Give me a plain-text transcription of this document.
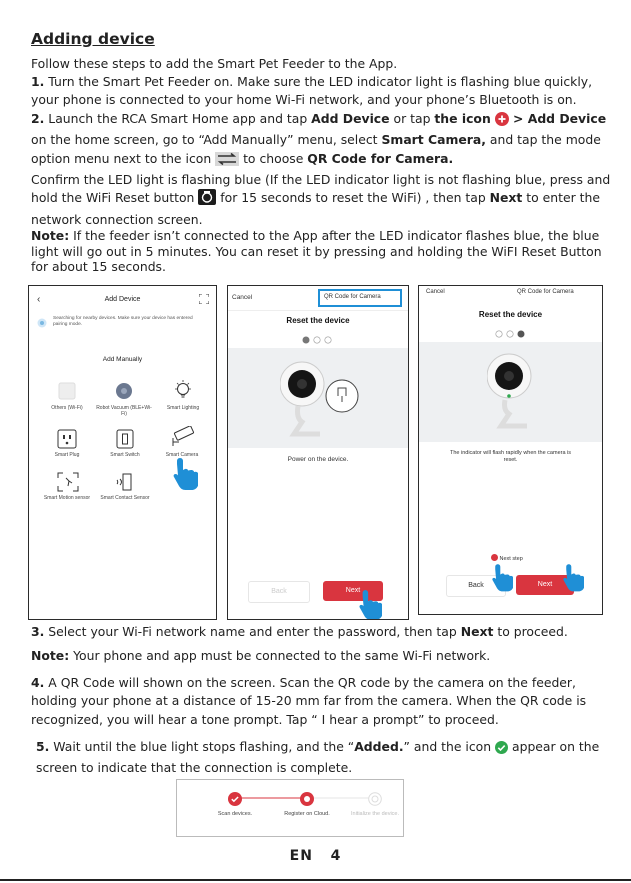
Adding device
Follow these steps to add the Smart Pet Feeder to the App.
1. Turn the Smart Pet Feeder on. Make sure the LED indicator light is flashing blue quickly, your phone is connected to your home Wi-Fi network, and your phone’s Bluetooth is on.
2. Launch the RCA Smart Home app and tap Add Device or tap the icon  > Add Device on the home screen, go to “Add Manually” menu, select Smart Camera, and tap the mode option menu next to the icon  to choose QR Code for Camera.
Confirm the LED light is flashing blue (If the LED indicator light is not flashing blue, press and hold the WiFi Reset button  for 15 seconds to reset the WiFi) , then tap Next to enter the network connection screen.
Note: If the feeder isn’t connected to the App after the LED indicator flashes blue, the blue light will go out in 5 minutes. You can reset it by pressing and holding the WiFI Reset Button for about 15 seconds.
‹	Add Device
Searching for nearby devices. Make sure your device has entered pairing mode.
Add Manually
Others (Wi-Fi)	Robot Vacuum (BLE+Wi-Fi)
Smart Lighting
Smart Plug	Smart Switch	Smart Camera
Smart Motion sensor	Smart Contact Sensor
Cancel	QR Code for Camera
Reset the device
Power on the device.
Back	Next
Cancel	QR Code for Camera
Reset the device
The indicator will flash rapidly when the camera is reset.
Next step
Back	Next
3. Select your Wi-Fi network name and enter the password, then tap Next to proceed.
Note: Your phone and app must be connected to the same Wi-Fi network.
4. A QR Code will shown on the screen. Scan the QR code by the camera on the feeder, holding your phone at a distance of 15-20 mm far from the camera. When the QR code is recognized, you will hear a tone prompt. Tap “ I hear a prompt” to proceed.
5. Wait until the blue light stops flashing, and the “Added.” and the icon  appear on the screen to indicate that the connection is complete.
Scan devices.	Register on Cloud.	Initialize the device.
EN 4
